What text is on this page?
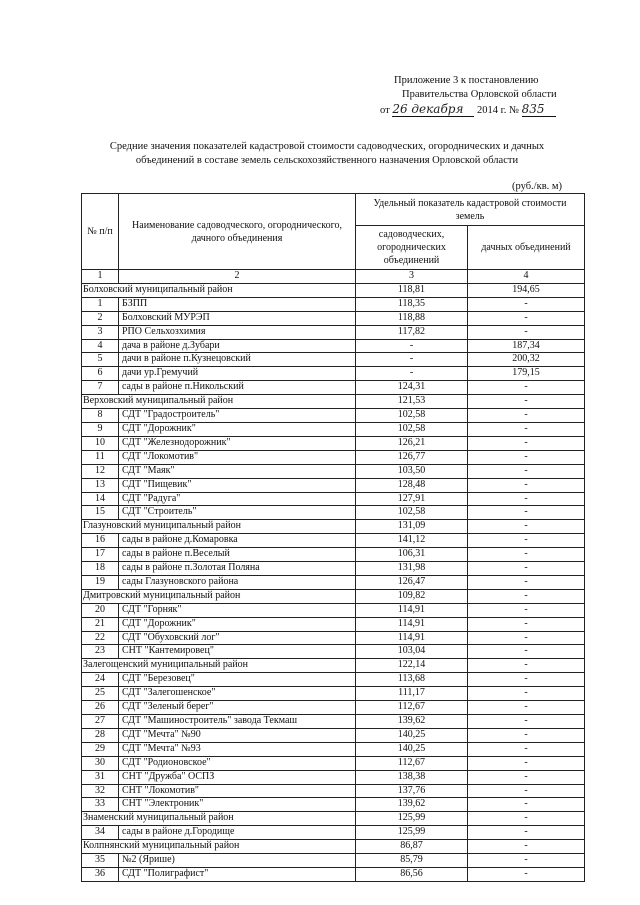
Приложение 3 к постановлению
Правительства Орловской области
от 26 декабря 2014 г. № 835
Средние значения показателей кадастровой стоимости садоводческих, огороднических и дачных
объединений в составе земель сельскохозяйственного назначения Орловской области
(руб./кв. м)
№ п/п	Наименование садоводческого, огороднического, дачного объединения	Удельный показатель кадастровой стоимости земель	
		садоводческих, огороднических объединений	дачных объединений
1	2	3	4
Болховский муниципальный район		118,81	194,65
1	БЗПП	118,35	-
2	Болховский МУРЭП	118,88	-
3	РПО Сельхозхимия	117,82	-
4	дача в районе д.Зубари	-	187,34
5	дачи в районе п.Кузнецовский	-	200,32
6	дачи ур.Гремучий	-	179,15
7	сады в районе п.Никольский	124,31	-
Верховский муниципальный район		121,53	-
8	СДТ "Градостроитель"	102,58	-
9	СДТ "Дорожник"	102,58	-
10	СДТ "Железнодорожник"	126,21	-
11	СДТ "Локомотив"	126,77	-
12	СДТ "Маяк"	103,50	-
13	СДТ "Пищевик"	128,48	-
14	СДТ "Радуга"	127,91	-
15	СДТ "Строитель"	102,58	-
Глазуновский муниципальный район		131,09	-
16	сады в районе д.Комаровка	141,12	-
17	сады в районе п.Веселый	106,31	-
18	сады в районе п.Золотая Поляна	131,98	-
19	сады Глазуновского района	126,47	-
Дмитровский муниципальный район		109,82	-
20	СДТ "Горняк"	114,91	-
21	СДТ "Дорожник"	114,91	-
22	СДТ "Обуховский лог"	114,91	-
23	СНТ "Кантемировец"	103,04	-
Залегощенский муниципальный район		122,14	-
24	СДТ "Березовец"	113,68	-
25	СДТ "Залегошенское"	111,17	-
26	СДТ "Зеленый берег"	112,67	-
27	СДТ "Машиностроитель" завода Текмаш	139,62	-
28	СДТ "Мечта" №90	140,25	-
29	СДТ "Мечта" №93	140,25	-
30	СДТ "Родионовское"	112,67	-
31	СНТ "Дружба" ОСПЗ	138,38	-
32	СНТ "Локомотив"	137,76	-
33	СНТ "Электроник"	139,62	-
Знаменский муниципальный район		125,99	-
34	сады в районе д.Городище	125,99	-
Колпнянский муниципальный район		86,87	-
35	№2 (Ярише)	85,79	-
36	СДТ "Полиграфист"	86,56	-
